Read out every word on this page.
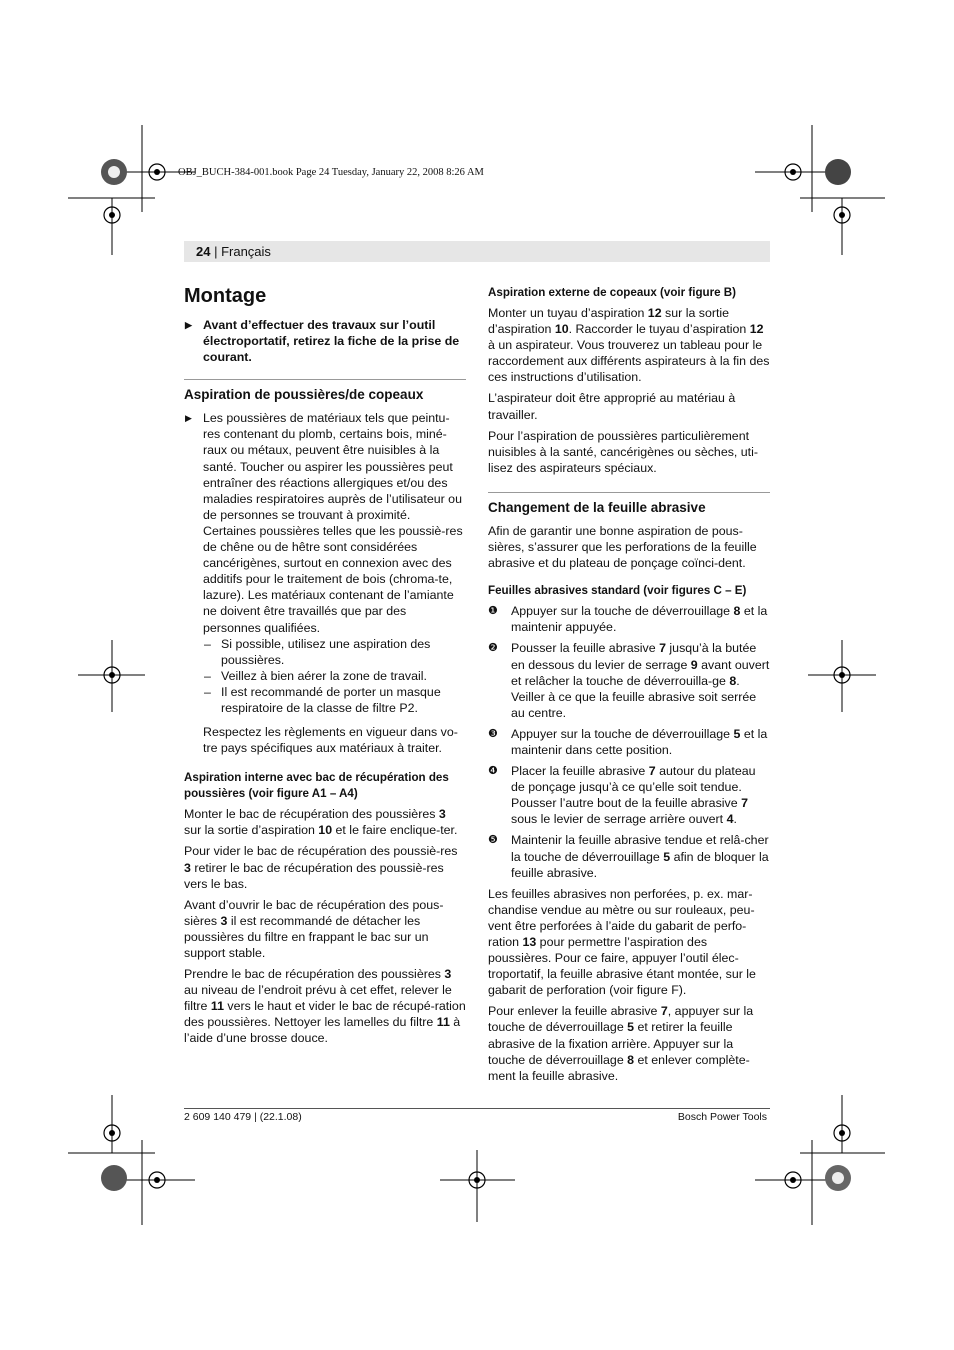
OBJ_BUCH-384-001.book Page 24 Tuesday, January 22, 2008 8:26 AM
24 | Français
Montage
▶ Avant d’effectuer des travaux sur l’outil électroportatif, retirez la fiche de la prise de courant.
Aspiration de poussières/de copeaux
▶ Les poussières de matériaux tels que peintu-res contenant du plomb, certains bois, miné-raux ou métaux, peuvent être nuisibles à la santé. Toucher ou aspirer les poussières peut entraîner des réactions allergiques et/ou des maladies respiratoires auprès de l’utilisateur ou de personnes se trouvant à proximité.
Certaines poussières telles que les poussiè-res de chêne ou de hêtre sont considérées cancérigènes, surtout en connexion avec des additifs pour le traitement de bois (chroma-te, lazure). Les matériaux contenant de l’amiante ne doivent être travaillés que par des personnes qualifiées.
– Si possible, utilisez une aspiration des poussières.
– Veillez à bien aérer la zone de travail.
– Il est recommandé de porter un masque respiratoire de la classe de filtre P2.

Respectez les règlements en vigueur dans vo-tre pays spécifiques aux matériaux à traiter.

Aspiration interne avec bac de récupération des poussières (voir figure A1 – A4)

Monter le bac de récupération des poussières 3 sur la sortie d’aspiration 10 et le faire enclique-ter.

Pour vider le bac de récupération des poussiè-res 3 retirer le bac de récupération des poussiè-res vers le bas.

Avant d’ouvrir le bac de récupération des pous-sières 3 il est recommandé de détacher les poussières du filtre en frappant le bac sur un support stable.

Prendre le bac de récupération des poussières 3 au niveau de l’endroit prévu à cet effet, relever le filtre 11 vers le haut et vider le bac de récupé-ration des poussières. Nettoyer les lamelles du filtre 11 à l’aide d’une brosse douce.

Aspiration externe de copeaux (voir figure B)

Monter un tuyau d’aspiration 12 sur la sortie d’aspiration 10. Raccorder le tuyau d’aspiration 12 à un aspirateur. Vous trouverez un tableau pour le raccordement aux différents aspirateurs à la fin des ces instructions d’utilisation.

L’aspirateur doit être approprié au matériau à travailler.

Pour l’aspiration de poussières particulièrement nuisibles à la santé, cancérigènes ou sèches, uti-lisez des aspirateurs spéciaux.

Changement de la feuille abrasive

Afin de garantir une bonne aspiration de pous-sières, s’assurer que les perforations de la feuille abrasive et du plateau de ponçage coïnci-dent.

Feuilles abrasives standard (voir figures C – E)
❶ Appuyer sur la touche de déverrouillage 8 et la maintenir appuyée.
❷ Pousser la feuille abrasive 7 jusqu’à la butée en dessous du levier de serrage 9 avant ouvert et relâcher la touche de déverrouilla-ge 8. Veiller à ce que la feuille abrasive soit serrée au centre.
❸ Appuyer sur la touche de déverrouillage 5 et la maintenir dans cette position.
❹ Placer la feuille abrasive 7 autour du plateau de ponçage jusqu’à ce qu’elle soit tendue. Pousser l’autre bout de la feuille abrasive 7 sous le levier de serrage arrière ouvert 4.
❺ Maintenir la feuille abrasive tendue et relâ-cher la touche de déverrouillage 5 afin de bloquer la feuille abrasive.

Les feuilles abrasives non perforées, p. ex. mar-chandise vendue au mètre ou sur rouleaux, peu-vent être perforées à l’aide du gabarit de perfo-ration 13 pour permettre l’aspiration des poussières. Pour ce faire, appuyer l’outil élec-troportatif, la feuille abrasive étant montée, sur le gabarit de perforation (voir figure F).

Pour enlever la feuille abrasive 7, appuyer sur la touche de déverrouillage 5 et retirer la feuille abrasive de la fixation arrière. Appuyer sur la touche de déverrouillage 8 et enlever complète-ment la feuille abrasive.

2 609 140 479 | (22.1.08)	Bosch Power Tools
